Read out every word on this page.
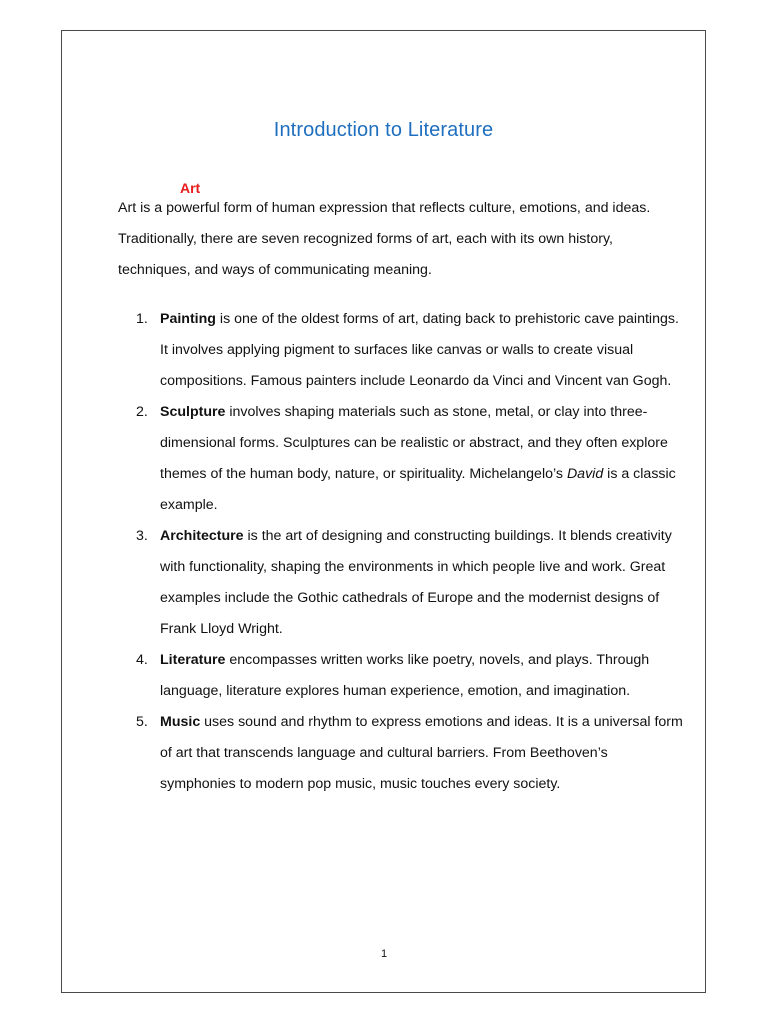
Introduction to Literature
Art

Art is a powerful form of human expression that reflects culture, emotions, and ideas. Traditionally, there are seven recognized forms of art, each with its own history, techniques, and ways of communicating meaning.

1. Painting is one of the oldest forms of art, dating back to prehistoric cave paintings. It involves applying pigment to surfaces like canvas or walls to create visual compositions. Famous painters include Leonardo da Vinci and Vincent van Gogh.
2. Sculpture involves shaping materials such as stone, metal, or clay into three-dimensional forms. Sculptures can be realistic or abstract, and they often explore themes of the human body, nature, or spirituality. Michelangelo’s David is a classic example.
3. Architecture is the art of designing and constructing buildings. It blends creativity with functionality, shaping the environments in which people live and work. Great examples include the Gothic cathedrals of Europe and the modernist designs of Frank Lloyd Wright.
4. Literature encompasses written works like poetry, novels, and plays. Through language, literature explores human experience, emotion, and imagination.
5. Music uses sound and rhythm to express emotions and ideas. It is a universal form of art that transcends language and cultural barriers. From Beethoven’s symphonies to modern pop music, music touches every society.
1
